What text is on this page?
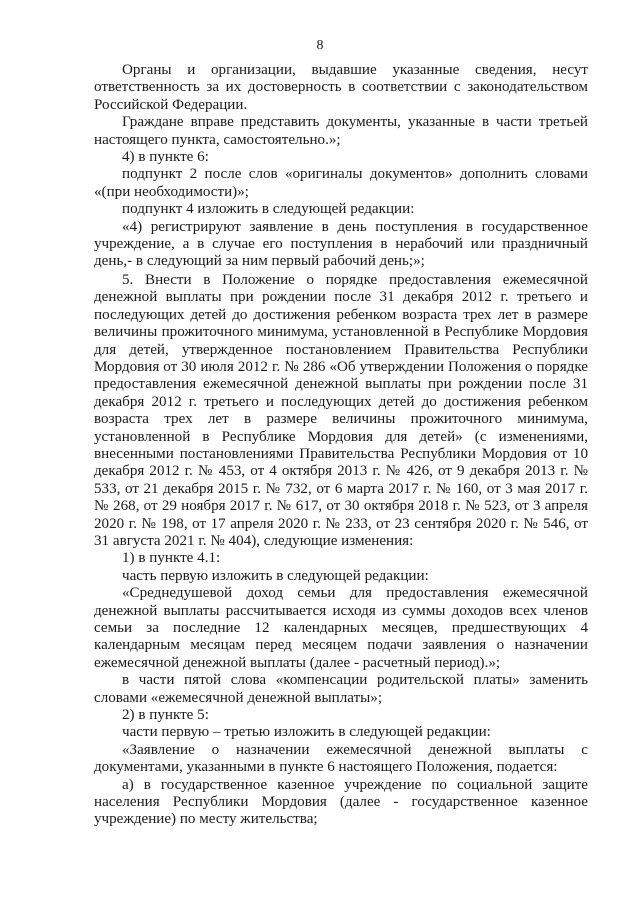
8

Органы и организации, выдавшие указанные сведения, несут ответственность за их достоверность в соответствии с законодательством Российской Федерации.

Граждане вправе представить документы, указанные в части третьей настоящего пункта, самостоятельно.»;

4) в пункте 6:

подпункт 2 после слов «оригиналы документов» дополнить словами «(при необходимости)»;

подпункт 4 изложить в следующей редакции:

«4) регистрируют заявление в день поступления в государственное учреждение, а в случае его поступления в нерабочий или праздничный день,- в следующий за ним первый рабочий день;»;

5. Внести в Положение о порядке предоставления ежемесячной денежной выплаты при рождении после 31 декабря 2012 г. третьего и последующих детей до достижения ребенком возраста трех лет в размере величины прожиточного минимума, установленной в Республике Мордовия для детей, утвержденное постановлением Правительства Республики Мордовия от 30 июля 2012 г. № 286 «Об утверждении Положения о порядке предоставления ежемесячной денежной выплаты при рождении после 31 декабря 2012 г. третьего и последующих детей до достижения ребенком возраста трех лет в размере величины прожиточного минимума, установленной в Республике Мордовия для детей» (с изменениями, внесенными постановлениями Правительства Республики Мордовия от 10 декабря 2012 г. № 453, от 4 октября 2013 г. № 426, от 9 декабря 2013 г. № 533, от 21 декабря 2015 г. № 732, от 6 марта 2017 г. № 160, от 3 мая 2017 г. № 268, от 29 ноября 2017 г. № 617, от 30 октября 2018 г. № 523, от 3 апреля 2020 г. № 198, от 17 апреля 2020 г. № 233, от 23 сентября 2020 г. № 546, от 31 августа 2021 г. № 404), следующие изменения:

1) в пункте 4.1:

часть первую изложить в следующей редакции:

«Среднедушевой доход семьи для предоставления ежемесячной денежной выплаты рассчитывается исходя из суммы доходов всех членов семьи за последние 12 календарных месяцев, предшествующих 4 календарным месяцам перед месяцем подачи заявления о назначении ежемесячной денежной выплаты (далее - расчетный период).»;

в части пятой слова «компенсации родительской платы» заменить словами «ежемесячной денежной выплаты»;

2) в пункте 5:

части первую – третью изложить в следующей редакции:

«Заявление о назначении ежемесячной денежной выплаты с документами, указанными в пункте 6 настоящего Положения, подается:

а) в государственное казенное учреждение по социальной защите населения Республики Мордовия (далее - государственное казенное учреждение) по месту жительства;
